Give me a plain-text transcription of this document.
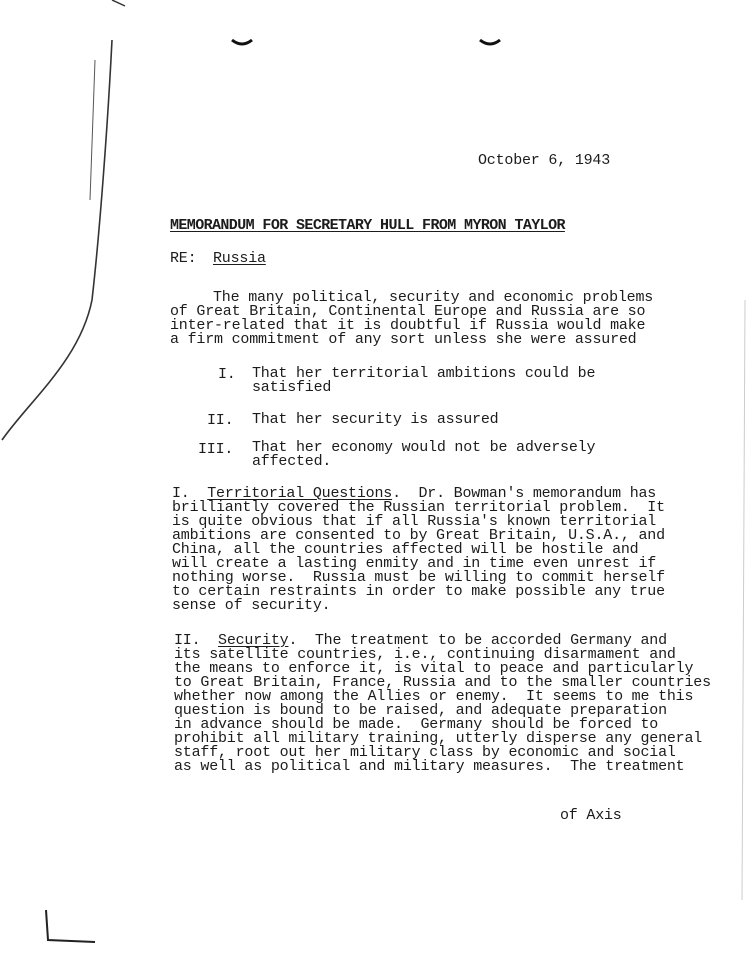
October 6, 1943
MEMORANDUM FOR SECRETARY HULL FROM MYRON TAYLOR
RE: Russia
The many political, security and economic problems
of Great Britain, Continental Europe and Russia are so
inter-related that it is doubtful if Russia would make
a firm commitment of any sort unless she were assured
I. That her territorial ambitions could be
satisfied
II. That her security is assured
III. That her economy would not be adversely
affected.
I. Territorial Questions.  Dr. Bowman's memorandum has
brilliantly covered the Russian territorial problem.  It
is quite obvious that if all Russia's known territorial
ambitions are consented to by Great Britain, U.S.A., and
China, all the countries affected will be hostile and
will create a lasting enmity and in time even unrest if
nothing worse.  Russia must be willing to commit herself
to certain restraints in order to make possible any true
sense of security.
II. Security.  The treatment to be accorded Germany and
its satellite countries, i.e., continuing disarmament and
the means to enforce it, is vital to peace and particularly
to Great Britain, France, Russia and to the smaller countries
whether now among the Allies or enemy.  It seems to me this
question is bound to be raised, and adequate preparation
in advance should be made.  Germany should be forced to
prohibit all military training, utterly disperse any general
staff, root out her military class by economic and social
as well as political and military measures.  The treatment
of Axis
